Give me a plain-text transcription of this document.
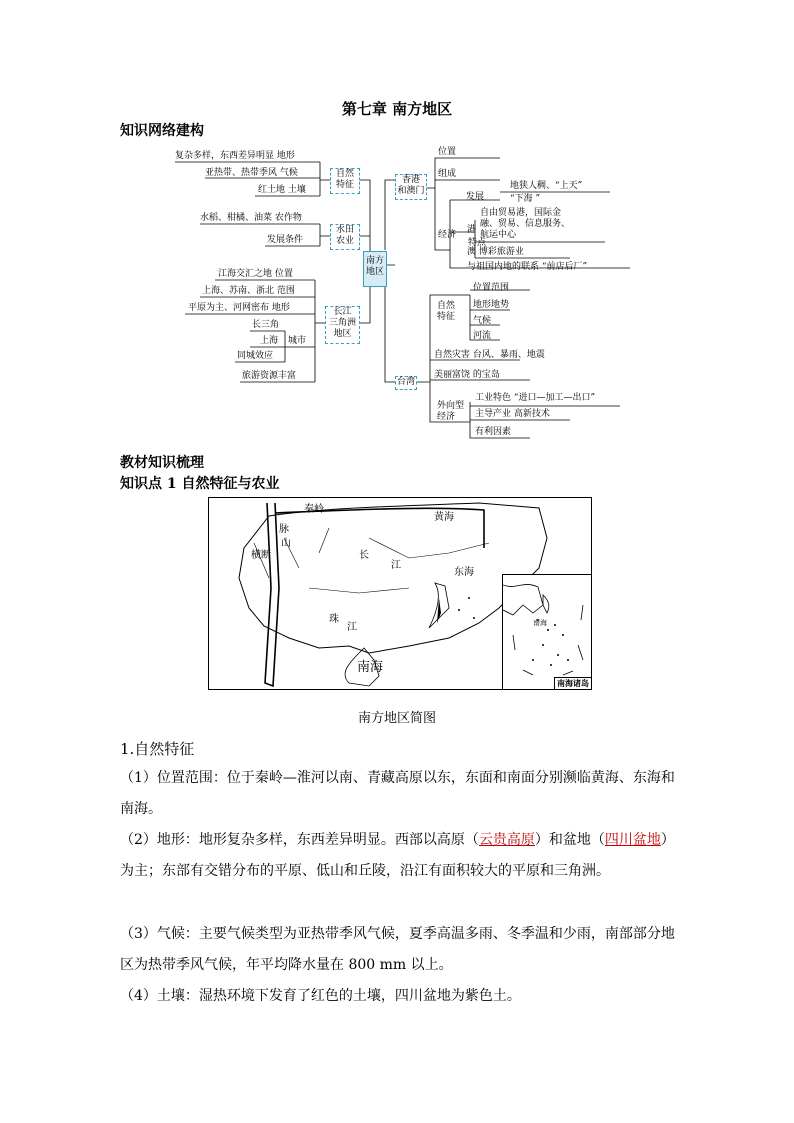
第七章 南方地区
知识网络建构
复杂多样，东西差异明显 地形
亚热带、热带季风 气候
红土地 土壤
自然
特征
水稻、柑橘、油菜 农作物
发展条件
水田
农业
江海交汇之地 位置
上海、苏南、浙北 范围
平原为主、河网密布 地形
长三角
上海
同城效应
城市
旅游资源丰富
长江
三角洲
地区
南方
地区
香港
和澳门
位置
组成
发展
地狭人稠、“上天”
“下海 ”
经济
特点
港
自由贸易港，国际金
融、贸易、信息服务、
航运中心
澳 博彩旅游业
与祖国内地的联系 “前店后厂”
台湾
自然
特征
位置范围
地形地势
气候
河流
自然灾害 台风、暴雨、地震
美丽富饶 的宝岛
外向型
经济
工业特色 “进口—加工—出口”
主导产业 高新技术
有利因素
教材知识梳理
知识点 1 自然特征与农业
秦岭
黄海
横断
脉
山
长
江
东海
珠
江
南海
南海
南海诸岛
南方地区简图
1.自然特征
（1）位置范围：位于秦岭—淮河以南、青藏高原以东，东面和南面分别濒临黄海、东海和南海。
（2）地形：地形复杂多样，东西差异明显。西部以高原（云贵高原）和盆地（四川盆地）为主；东部有交错分布的平原、低山和丘陵，沿江有面积较大的平原和三角洲。
（3）气候：主要气候类型为亚热带季风气候，夏季高温多雨、冬季温和少雨，南部部分地区为热带季风气候，年平均降水量在 800 mm 以上。
（4）土壤：湿热环境下发育了红色的土壤，四川盆地为紫色土。
